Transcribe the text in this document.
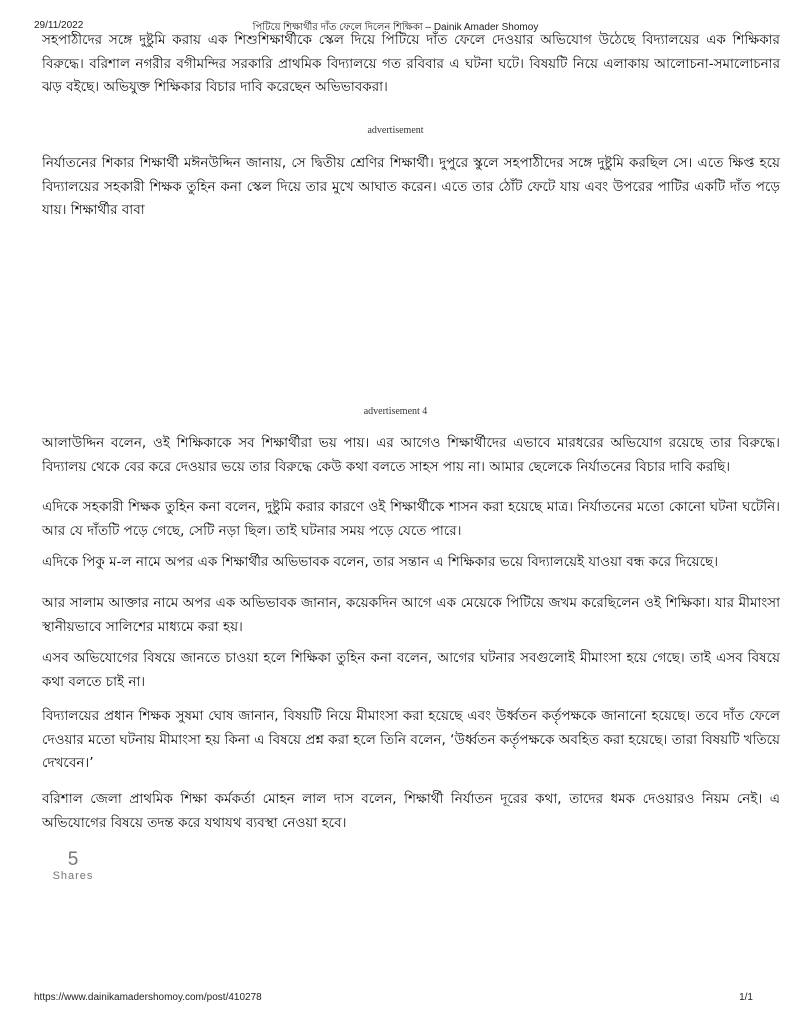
29/11/2022	পিটিয়ে শিক্ষার্থীর দাঁত ফেলে দিলেন শিক্ষিকা – Dainik Amader Shomoy

সহপাঠীদের সঙ্গে দুষ্টুমি করায় এক শিশুশিক্ষার্থীকে স্কেল দিয়ে পিটিয়ে দাঁত ফেলে দেওয়ার অভিযোগ উঠেছে বিদ্যালয়ের এক শিক্ষিকার বিরুদ্ধে। বরিশাল নগরীর বগীমন্দির সরকারি প্রাথমিক বিদ্যালয়ে গত রবিবার এ ঘটনা ঘটে। বিষয়টি নিয়ে এলাকায় আলোচনা-সমালোচনার ঝড় বইছে। অভিযুক্ত শিক্ষিকার বিচার দাবি করেছেন অভিভাবকরা।

advertisement

নির্যাতনের শিকার শিক্ষার্থী মঈনউদ্দিন জানায়, সে দ্বিতীয় শ্রেণির শিক্ষার্থী। দুপুরে স্কুলে সহপাঠীদের সঙ্গে দুষ্টুমি করছিল সে। এতে ক্ষিপ্ত হয়ে বিদ্যালয়ের সহকারী শিক্ষক তুহিন কনা স্কেল দিয়ে তার মুখে আঘাত করেন। এতে তার ঠোঁট ফেটে যায় এবং উপরের পাটির একটি দাঁত পড়ে যায়। শিক্ষার্থীর বাবা

advertisement 4

আলাউদ্দিন বলেন, ওই শিক্ষিকাকে সব শিক্ষার্থীরা ভয় পায়। এর আগেও শিক্ষার্থীদের এভাবে মারধরের অভিযোগ রয়েছে তার বিরুদ্ধে। বিদ্যালয় থেকে বের করে দেওয়ার ভয়ে তার বিরুদ্ধে কেউ কথা বলতে সাহস পায় না। আমার ছেলেকে নির্যাতনের বিচার দাবি করছি।

এদিকে সহকারী শিক্ষক তুহিন কনা বলেন, দুষ্টুমি করার কারণে ওই শিক্ষার্থীকে শাসন করা হয়েছে মাত্র। নির্যাতনের মতো কোনো ঘটনা ঘটেনি। আর যে দাঁতটি পড়ে গেছে, সেটি নড়া ছিল। তাই ঘটনার সময় পড়ে যেতে পারে।

এদিকে পিকু ম-ল নামে অপর এক শিক্ষার্থীর অভিভাবক বলেন, তার সন্তান এ শিক্ষিকার ভয়ে বিদ্যালয়েই যাওয়া বন্ধ করে দিয়েছে।

আর সালাম আক্তার নামে অপর এক অভিভাবক জানান, কয়েকদিন আগে এক মেয়েকে পিটিয়ে জখম করেছিলেন ওই শিক্ষিকা। যার মীমাংসা স্থানীয়ভাবে সালিশের মাধ্যমে করা হয়।

এসব অভিযোগের বিষয়ে জানতে চাওয়া হলে শিক্ষিকা তুহিন কনা বলেন, আগের ঘটনার সবগুলোই মীমাংসা হয়ে গেছে। তাই এসব বিষয়ে কথা বলতে চাই না।

বিদ্যালয়ের প্রধান শিক্ষক সুষমা ঘোষ জানান, বিষয়টি নিয়ে মীমাংসা করা হয়েছে এবং উর্ধ্বতন কর্তৃপক্ষকে জানানো হয়েছে। তবে দাঁত ফেলে দেওয়ার মতো ঘটনায় মীমাংসা হয় কিনা এ বিষয়ে প্রশ্ন করা হলে তিনি বলেন, ‘উর্ধ্বতন কর্তৃপক্ষকে অবহিত করা হয়েছে। তারা বিষয়টি খতিয়ে দেখবেন।’

বরিশাল জেলা প্রাথমিক শিক্ষা কর্মকর্তা মোহন লাল দাস বলেন, শিক্ষার্থী নির্যাতন দূরের কথা, তাদের ধমক দেওয়ারও নিয়ম নেই। এ অভিযোগের বিষয়ে তদন্ত করে যথাযথ ব্যবস্থা নেওয়া হবে।

5
Shares
https://www.dainikamadershomoy.com/post/410278	1/1
